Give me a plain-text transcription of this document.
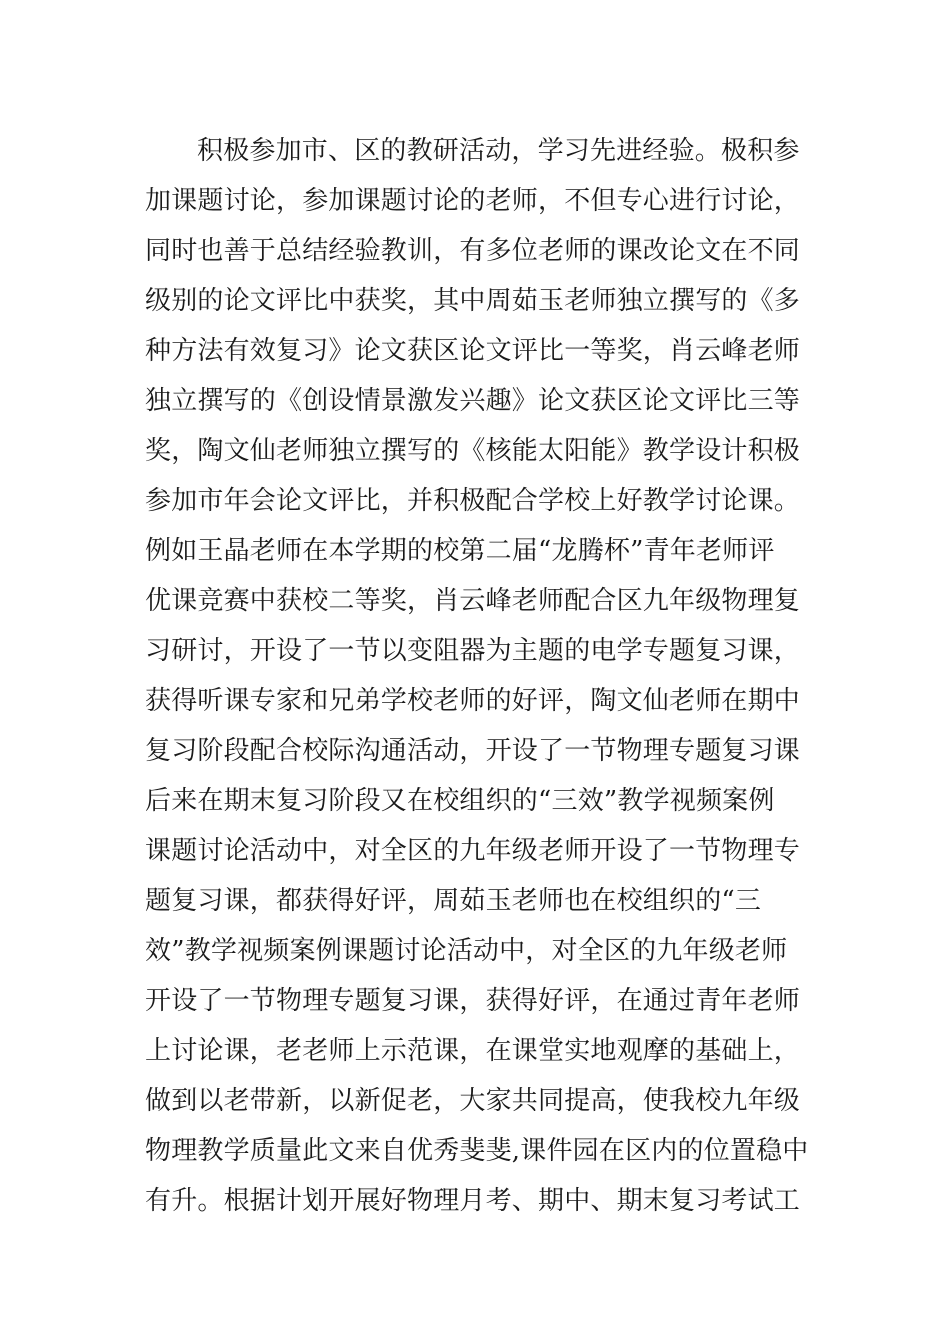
积极参加市、区的教研活动，学习先进经验。极积参
加课题讨论，参加课题讨论的老师，不但专心进行讨论，
同时也善于总结经验教训，有多位老师的课改论文在不同
级别的论文评比中获奖，其中周茹玉老师独立撰写的《多
种方法有效复习》论文获区论文评比一等奖，肖云峰老师
独立撰写的《创设情景激发兴趣》论文获区论文评比三等
奖，陶文仙老师独立撰写的《核能太阳能》教学设计积极
参加市年会论文评比，并积极配合学校上好教学讨论课。
例如王晶老师在本学期的校第二届“龙腾杯”青年老师评
优课竞赛中获校二等奖，肖云峰老师配合区九年级物理复
习研讨，开设了一节以变阻器为主题的电学专题复习课，
获得听课专家和兄弟学校老师的好评，陶文仙老师在期中
复习阶段配合校际沟通活动，开设了一节物理专题复习课
后来在期末复习阶段又在校组织的“三效”教学视频案例
课题讨论活动中，对全区的九年级老师开设了一节物理专
题复习课，都获得好评，周茹玉老师也在校组织的“三
效”教学视频案例课题讨论活动中，对全区的九年级老师
开设了一节物理专题复习课，获得好评，在通过青年老师
上讨论课，老老师上示范课，在课堂实地观摩的基础上，
做到以老带新，以新促老，大家共同提高，使我校九年级
物理教学质量此文来自优秀斐斐,课件园在区内的位置稳中
有升。根据计划开展好物理月考、期中、期末复习考试工
